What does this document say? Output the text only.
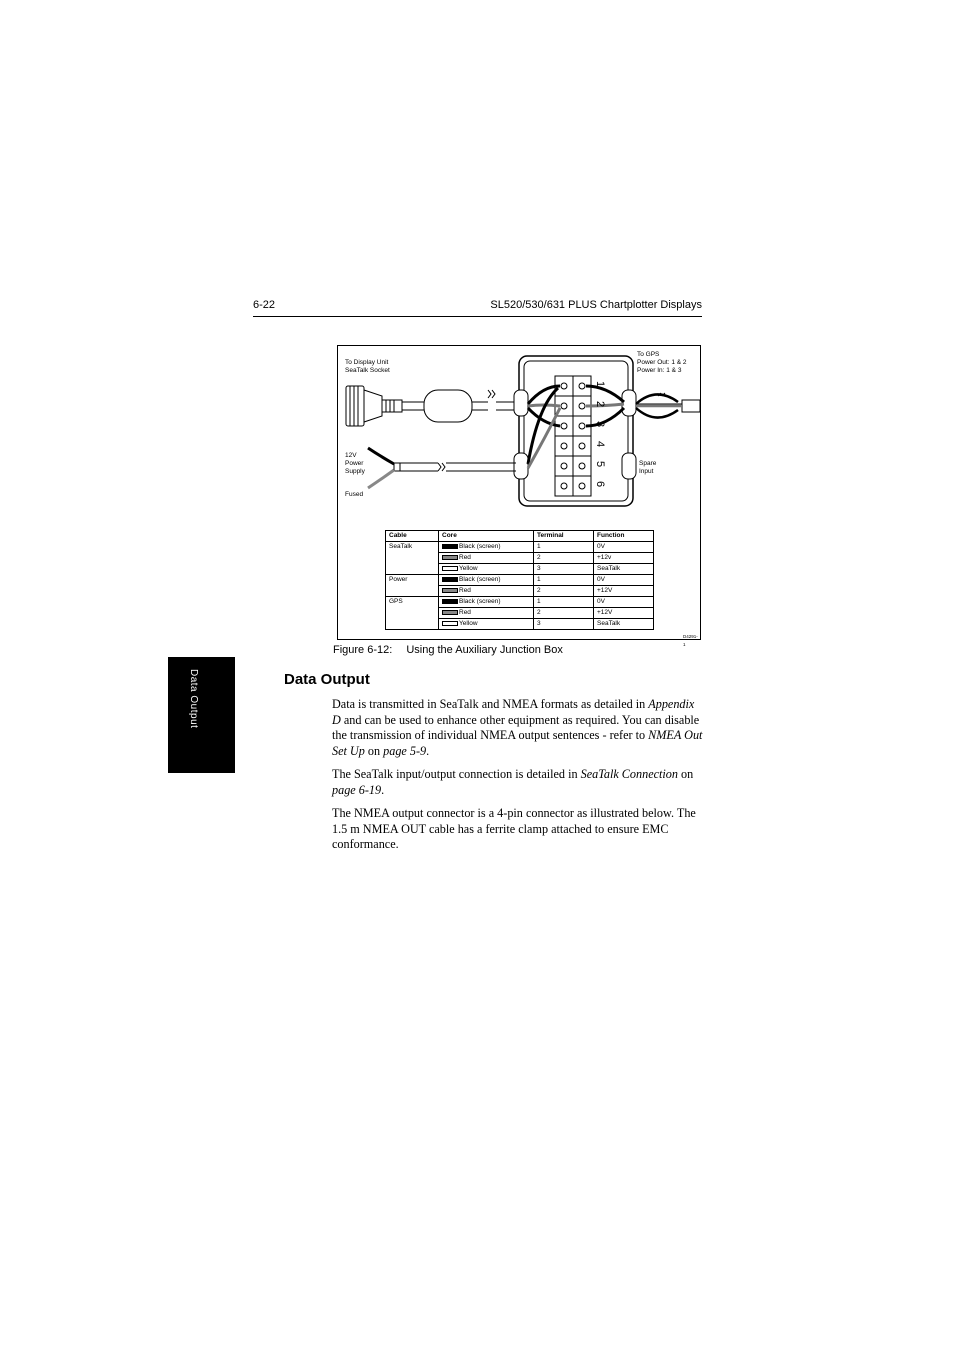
6-22	SL520/530/631 PLUS Chartplotter Displays
Data Output
To Display Unit
SeaTalk Socket
12V
Power
Supply
Fused
To GPS
Power Out: 1 & 2
Power In: 1 & 3
Spare
Input
1
2
3
4
5
6
Cable	Core	Terminal	Function
SeaTalk	Black (screen)	1	0V
	Red	2	+12v
	Yellow	3	SeaTalk
Power	Black (screen)	1	0V
	Red	2	+12V
GPS	Black (screen)	1	0V
	Red	2	+12V
	Yellow	3	SeaTalk
D4291-1
Figure 6-12: Using the Auxiliary Junction Box
Data Output
Data is transmitted in SeaTalk and NMEA formats as detailed in Appendix D and can be used to enhance other equipment as required. You can disable the transmission of individual NMEA output sentences - refer to NMEA Out Set Up on page 5-9.
The SeaTalk input/output connection is detailed in SeaTalk Connection on page 6-19.
The NMEA output connector is a 4-pin connector as illustrated below. The 1.5 m NMEA OUT cable has a ferrite clamp attached to ensure EMC conformance.
